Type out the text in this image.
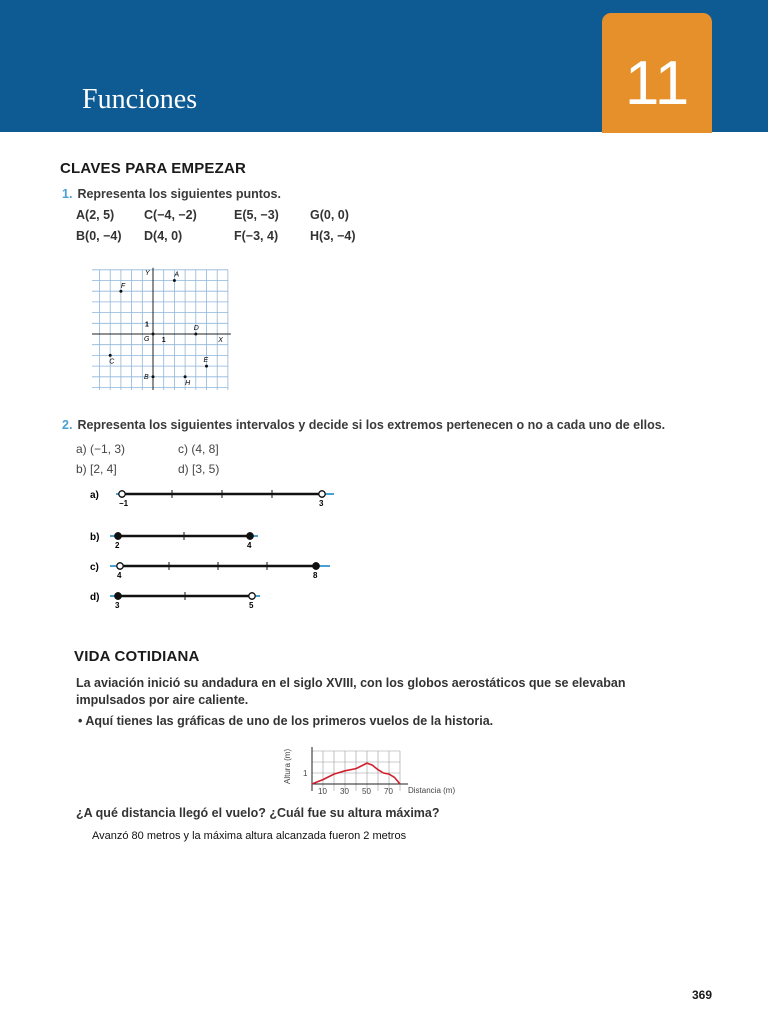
Funciones	11
CLAVES PARA EMPEZAR
1. Representa los siguientes puntos.
A(2, 5) C(−4, −2)	E(5, −3) G(0, 0)
B(0, −4) D(4, 0)	F(−3, 4)	H(3, −4)
X
Y
1
1
A
B
C
D
E
F
G
H
2. Representa los siguientes intervalos y decide si los extremos pertenecen o no a cada uno de ellos.
a) (−1, 3)	c) (4, 8]
b) [2, 4]	d) [3, 5)
a)
−1	3
b)
2	4
c)
4	8
d)
3	5
VIDA COTIDIANA
La aviación inició su andadura en el siglo XVIII, con los globos aerostáticos que se elevaban
impulsados por aire caliente.
• Aquí tienes las gráficas de uno de los primeros vuelos de la historia.
10 30 50 70
1
Distancia (m)
Altura (m)
¿A qué distancia llegó el vuelo? ¿Cuál fue su altura máxima?
Avanzó 80 metros y la máxima altura alcanzada fueron 2 metros
369
